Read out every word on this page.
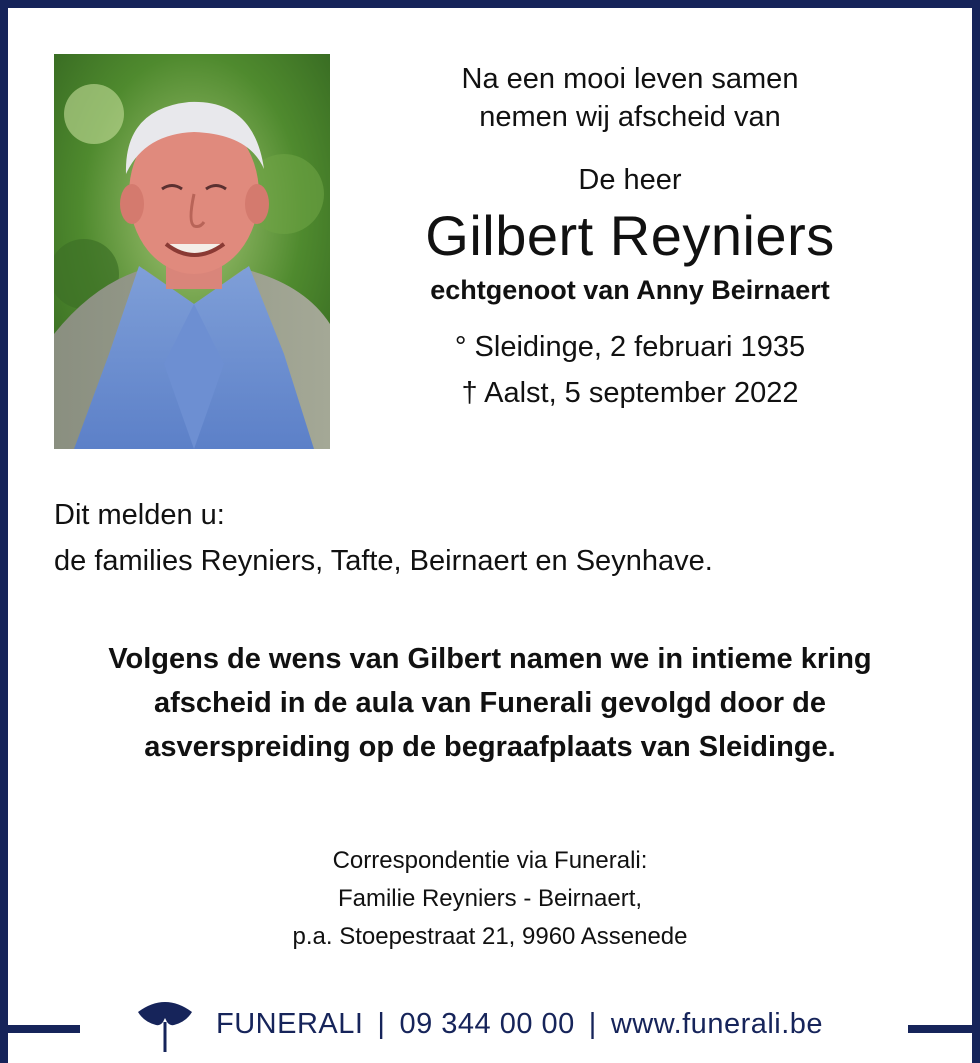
Na een mooi leven samen
nemen wij afscheid van
De heer
Gilbert Reyniers
echtgenoot van Anny Beirnaert
° Sleidinge, 2 februari 1935
† Aalst, 5 september 2022
Dit melden u:
de families Reyniers, Tafte, Beirnaert en Seynhave.
Volgens de wens van Gilbert namen we in intieme kring
afscheid in de aula van Funerali gevolgd door de
asverspreiding op de begraafplaats van Sleidinge.
Correspondentie via Funerali:
Familie Reyniers - Beirnaert,
p.a. Stoepestraat 21, 9960 Assenede
FUNERALI | 09 344 00 00 | www.funerali.be
